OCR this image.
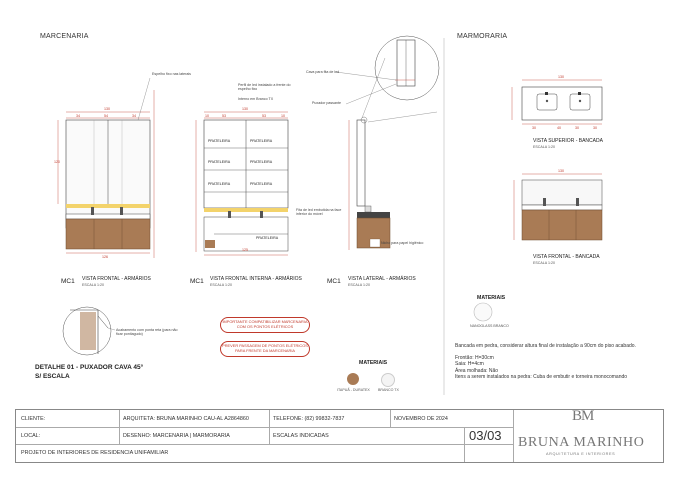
MARCENARIA	MARMORARIA
130
34	54	34
126
120
130
10	53	53	10
125
130
30	40	30	30
130
PRATELEIRA	PRATELEIRA
PRATELEIRA	PRATELEIRA
PRATELEIRA	PRATELEIRA
PRATELEIRA
Espelho fixo nas laterais
Perfil de led instalado a frente do espelho fixo
Interno em Branco TX
Fita de led embutida na face inferior do móvel
Cava para fita de led
Puxador passante
Nicho para papel higiênico
Acabamento com ponta reta (para não ficar pontiagudo)
MC1 VISTA FRONTAL - ARMÁRIOS
ESCALA 1:20	MC1 VISTA FRONTAL INTERNA - ARMÁRIOS
ESCALA 1:20	MC1 VISTA LATERAL - ARMÁRIOS
ESCALA 1:20
VISTA SUPERIOR - BANCADA
ESCALA 1:20
VISTA FRONTAL - BANCADA
ESCALA 1:20
DETALHE 01 - PUXADOR CAVA 45°
S/ ESCALA
IMPORTANTE COMPATIBILIZAR MARCENARIA COM OS PONTOS ELÉTRICOS
PREVER PASSAGEM DE PONTOS ELÉTRICOS PARA FRENTE DA MARCENARIA
MATERIAIS
ITAPUÃ - DURATEX BRANCO TX
MATERIAIS
NANOGLASS BRANCO
Bancada em pedra, considerar altura final de instalação a 90cm do piso acabado.
Frontão: H=30cm
Saia: H=4cm
Área molhada: Não
Itens a serem instalados na pedra: Cuba de embutir e torneira monocomando
CLIENTE:	ARQUITETA: BRUNA MARINHO CAU-AL A2864860	TELEFONE: (82) 99832-7837	NOVEMBRO DE 2024
LOCAL:	DESENHO: MARCENARIA | MARMORARIA	ESCALAS INDICADAS
PROJETO DE INTERIORES DE RESIDENCIA UNIFAMILIAR
03/03
BM
BRUNA MARINHO
ARQUITETURA E INTERIORES
